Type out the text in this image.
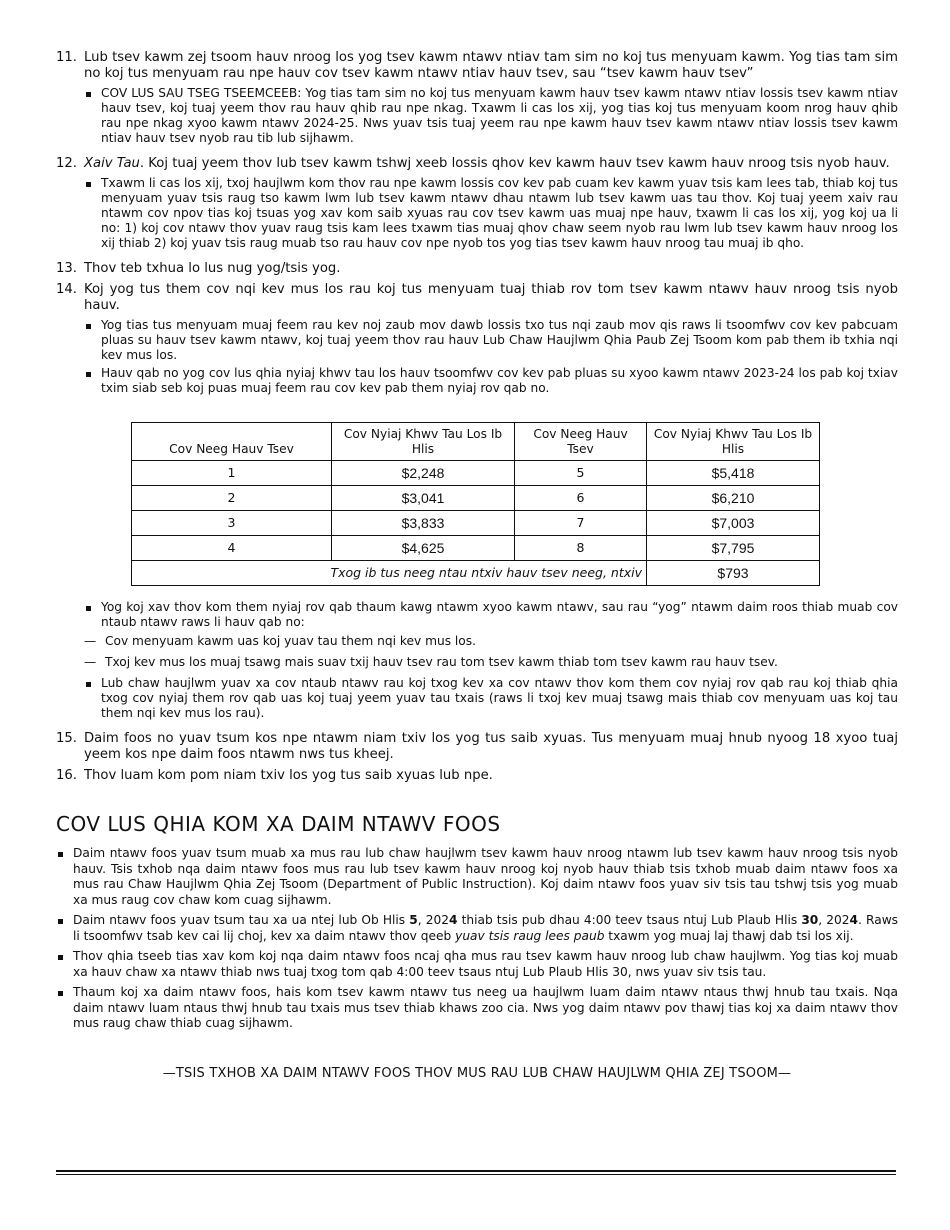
11. Lub tsev kawm zej tsoom hauv nroog los yog tsev kawm ntawv ntiav tam sim no koj tus menyuam kawm. Yog tias tam sim no koj tus menyuam rau npe hauv cov tsev kawm ntawv ntiav hauv tsev, sau “tsev kawm hauv tsev”
COV LUS SAU TSEG TSEEMCEEB: Yog tias tam sim no koj tus menyuam kawm hauv tsev kawm ntawv ntiav lossis tsev kawm ntiav hauv tsev, koj tuaj yeem thov rau hauv qhib rau npe nkag. Txawm li cas los xij, yog tias koj tus menyuam koom nrog hauv qhib rau npe nkag xyoo kawm ntawv 2024-25. Nws yuav tsis tuaj yeem rau npe kawm hauv tsev kawm ntawv ntiav lossis tsev kawm ntiav hauv tsev nyob rau tib lub sijhawm.
12. Xaiv Tau. Koj tuaj yeem thov lub tsev kawm tshwj xeeb lossis qhov kev kawm hauv tsev kawm hauv nroog tsis nyob hauv.
Txawm li cas los xij, txoj haujlwm kom thov rau npe kawm lossis cov kev pab cuam kev kawm yuav tsis kam lees tab, thiab koj tus menyuam yuav tsis raug tso kawm lwm lub tsev kawm ntawv dhau ntawm lub tsev kawm uas tau thov. Koj tuaj yeem xaiv rau ntawm cov npov tias koj tsuas yog xav kom saib xyuas rau cov tsev kawm uas muaj npe hauv, txawm li cas los xij, yog koj ua li no: 1) koj cov ntawv thov yuav raug tsis kam lees txawm tias muaj qhov chaw seem nyob rau lwm lub tsev kawm hauv nroog los xij thiab 2) koj yuav tsis raug muab tso rau hauv cov npe nyob tos yog tias tsev kawm hauv nroog tau muaj ib qho.
13. Thov teb txhua lo lus nug yog/tsis yog.
14. Koj yog tus them cov nqi kev mus los rau koj tus menyuam tuaj thiab rov tom tsev kawm ntawv hauv nroog tsis nyob hauv.
Yog tias tus menyuam muaj feem rau kev noj zaub mov dawb lossis txo tus nqi zaub mov qis raws li tsoomfwv cov kev pabcuam pluas su hauv tsev kawm ntawv, koj tuaj yeem thov rau hauv Lub Chaw Haujlwm Qhia Paub Zej Tsoom kom pab them ib txhia nqi kev mus los.
Hauv qab no yog cov lus qhia nyiaj khwv tau los hauv tsoomfwv cov kev pab pluas su xyoo kawm ntawv 2023-24 los pab koj txiav txim siab seb koj puas muaj feem rau cov kev pab them nyiaj rov qab no.
Cov Neeg Hauv Tsev	Cov Nyiaj Khwv Tau Los Ib Hlis	Cov Neeg Hauv Tsev	Cov Nyiaj Khwv Tau Los Ib Hlis
1	$2,248	5	$5,418
2	$3,041	6	$6,210
3	$3,833	7	$7,003
4	$4,625	8	$7,795
Txog ib tus neeg ntau ntxiv hauv tsev neeg, ntxiv			$793
Yog koj xav thov kom them nyiaj rov qab thaum kawg ntawm xyoo kawm ntawv, sau rau “yog” ntawm daim roos thiab muab cov ntaub ntawv raws li hauv qab no:
— Cov menyuam kawm uas koj yuav tau them nqi kev mus los.
— Txoj kev mus los muaj tsawg mais suav txij hauv tsev rau tom tsev kawm thiab tom tsev kawm rau hauv tsev.
Lub chaw haujlwm yuav xa cov ntaub ntawv rau koj txog kev xa cov ntawv thov kom them cov nyiaj rov qab rau koj thiab qhia txog cov nyiaj them rov qab uas koj tuaj yeem yuav tau txais (raws li txoj kev muaj tsawg mais thiab cov menyuam uas koj tau them nqi kev mus los rau).
15. Daim foos no yuav tsum kos npe ntawm niam txiv los yog tus saib xyuas. Tus menyuam muaj hnub nyoog 18 xyoo tuaj yeem kos npe daim foos ntawm nws tus kheej.
16. Thov luam kom pom niam txiv los yog tus saib xyuas lub npe.
COV LUS QHIA KOM XA DAIM NTAWV FOOS
Daim ntawv foos yuav tsum muab xa mus rau lub chaw haujlwm tsev kawm hauv nroog ntawm lub tsev kawm hauv nroog tsis nyob hauv. Tsis txhob nqa daim ntawv foos mus rau lub tsev kawm hauv nroog koj nyob hauv thiab tsis txhob muab daim ntawv foos xa mus rau Chaw Haujlwm Qhia Zej Tsoom (Department of Public Instruction). Koj daim ntawv foos yuav siv tsis tau tshwj tsis yog muab xa mus raug cov chaw kom cuag sijhawm.
Daim ntawv foos yuav tsum tau xa ua ntej lub Ob Hlis 5, 2024 thiab tsis pub dhau 4:00 teev tsaus ntuj Lub Plaub Hlis 30, 2024. Raws li tsoomfwv tsab kev cai lij choj, kev xa daim ntawv thov qeeb yuav tsis raug lees paub txawm yog muaj laj thawj dab tsi los xij.
Thov qhia tseeb tias xav kom koj nqa daim ntawv foos ncaj qha mus rau tsev kawm hauv nroog lub chaw haujlwm. Yog tias koj muab xa hauv chaw xa ntawv thiab nws tuaj txog tom qab 4:00 teev tsaus ntuj Lub Plaub Hlis 30, nws yuav siv tsis tau.
Thaum koj xa daim ntawv foos, hais kom tsev kawm ntawv tus neeg ua haujlwm luam daim ntawv ntaus thwj hnub tau txais. Nqa daim ntawv luam ntaus thwj hnub tau txais mus tsev thiab khaws zoo cia. Nws yog daim ntawv pov thawj tias koj xa daim ntawv thov mus raug chaw thiab cuag sijhawm.
—TSIS TXHOB XA DAIM NTAWV FOOS THOV MUS RAU LUB CHAW HAUJLWM QHIA ZEJ TSOOM—
